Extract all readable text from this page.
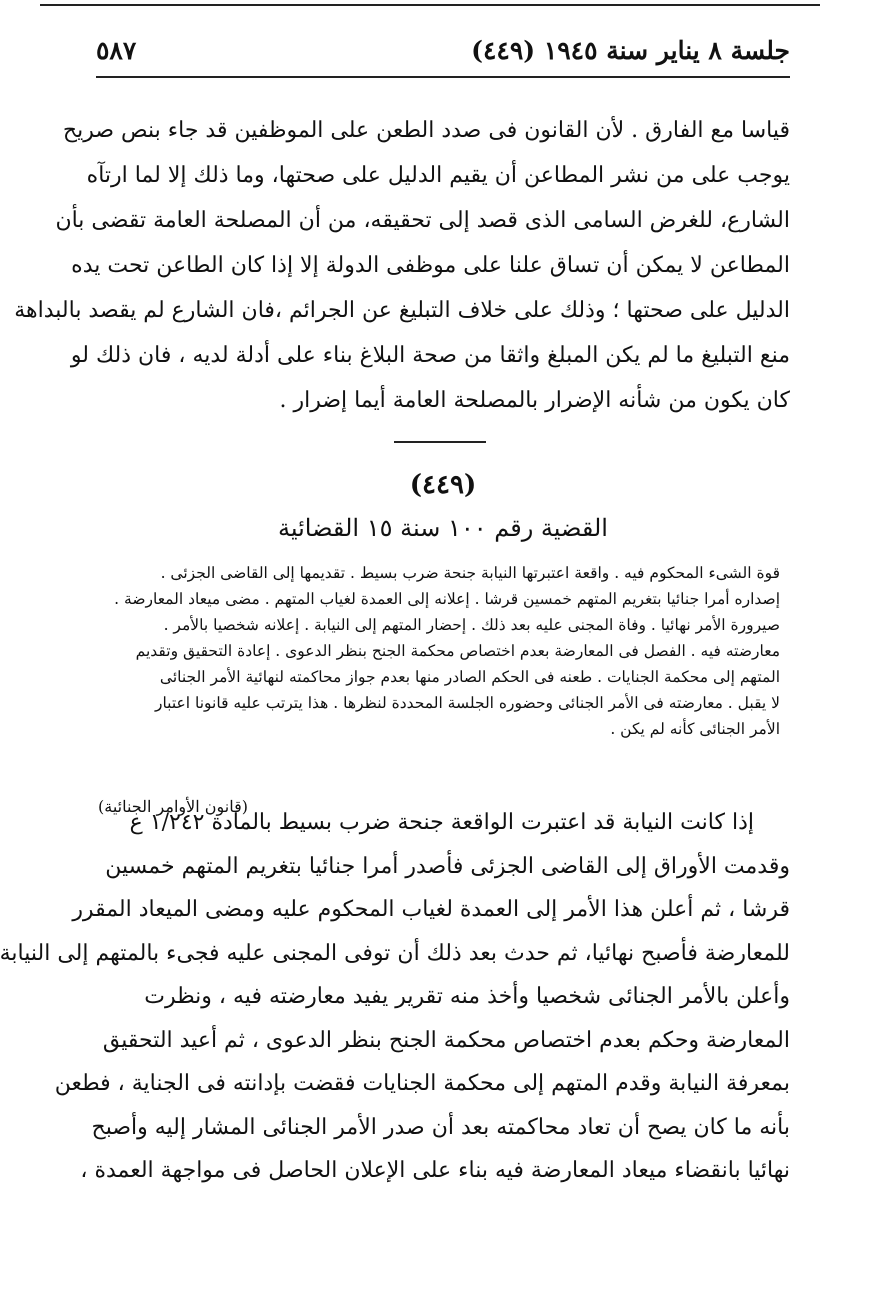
جلسة ٨ يناير سنة ١٩٤٥ (٤٤٩)
٥٨٧
قياسا مع الفارق . لأن القانون فى صدد الطعن على الموظفين قد جاء بنص صريح
يوجب على من نشر المطاعن أن يقيم الدليل على صحتها، وما ذلك إلا لما ارتآه
الشارع، للغرض السامى الذى قصد إلى تحقيقه، من أن المصلحة العامة تقضى بأن
المطاعن لا يمكن أن تساق علنا على موظفى الدولة إلا إذا كان الطاعن تحت يده
الدليل على صحتها ؛ وذلك على خلاف التبليغ عن الجرائم ،فان الشارع لم يقصد بالبداهة
منع التبليغ ما لم يكن المبلغ واثقا من صحة البلاغ بناء على أدلة لديه ، فان ذلك لو
كان يكون من شأنه الإضرار بالمصلحة العامة أيما إضرار .
(٤٤٩)
القضية رقم ١٠٠ سنة ١٥ القضائية
قوة الشىء المحكوم فيه . واقعة اعتبرتها النيابة جنحة ضرب بسيط . تقديمها إلى القاضى الجزئى .
إصداره أمرا جنائيا بتغريم المتهم خمسين قرشا . إعلانه إلى العمدة لغياب المتهم . مضى ميعاد المعارضة .
صيرورة الأمر نهائيا . وفاة المجنى عليه بعد ذلك . إحضار المتهم إلى النيابة . إعلانه شخصيا بالأمر .
معارضته فيه . الفصل فى المعارضة بعدم اختصاص محكمة الجنح بنظر الدعوى . إعادة التحقيق وتقديم
المتهم إلى محكمة الجنايات . طعنه فى الحكم الصادر منها بعدم جواز محاكمته لنهائية الأمر الجنائى
لا يقبل . معارضته فى الأمر الجنائى وحضوره الجلسة المحددة لنظرها . هذا يترتب عليه قانونا اعتبار
الأمر الجنائى كأنه لم يكن .
(قانون الأوامر الجنائية)
إذا كانت النيابة قد اعتبرت الواقعة جنحة ضرب بسيط بالمادة ١/٢٤٢ ع
وقدمت الأوراق إلى القاضى الجزئى فأصدر أمرا جنائيا بتغريم المتهم خمسين
قرشا ، ثم أعلن هذا الأمر إلى العمدة لغياب المحكوم عليه ومضى الميعاد المقرر
للمعارضة فأصبح نهائيا، ثم حدث بعد ذلك أن توفى المجنى عليه فجىء بالمتهم إلى النيابة
وأعلن بالأمر الجنائى شخصيا وأخذ منه تقرير يفيد معارضته فيه ، ونظرت
المعارضة وحكم بعدم اختصاص محكمة الجنح بنظر الدعوى ، ثم أعيد التحقيق
بمعرفة النيابة وقدم المتهم إلى محكمة الجنايات فقضت بإدانته فى الجناية ، فطعن
بأنه ما كان يصح أن تعاد محاكمته بعد أن صدر الأمر الجنائى المشار إليه وأصبح
نهائيا بانقضاء ميعاد المعارضة فيه بناء على الإعلان الحاصل فى مواجهة العمدة ،
